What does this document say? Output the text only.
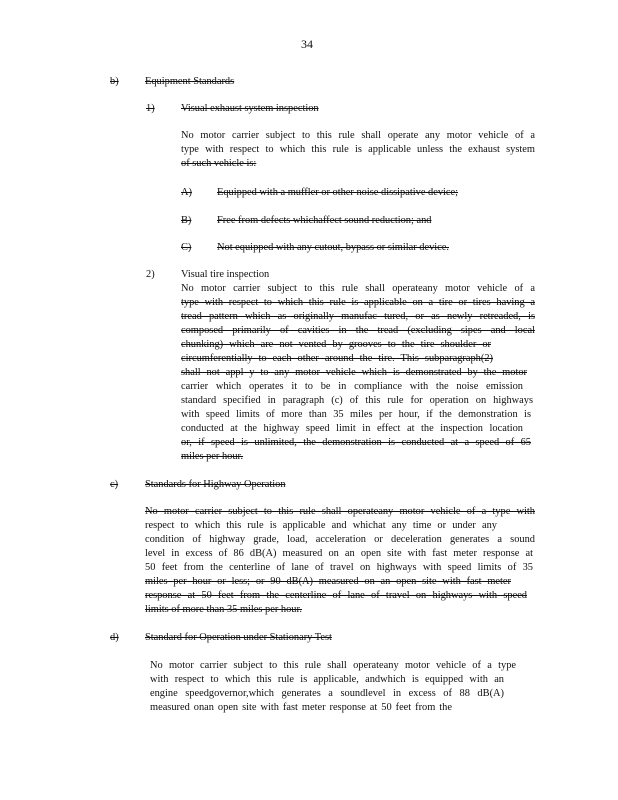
34
b)	Equipment Standards
1)	Visual exhaust system inspection
No motor carrier subject to this rule shall operate any motor vehicle of a
type with respect to which this rule is applicable unless the exhaust system
of such vehicle is:
A) Equipped with a muffler or other noise dissipative device;
B) Free from defects whichaffect sound reduction; and
C) Not equipped with any cutout, bypass or similar device.
2)	Visual tire inspection
No motor carrier subject to this rule shall operateany motor vehicle of a
type with respect to which this rule is applicable on a tire or tires having a
tread pattern which as originally manufac tured, or as newly retreaded, is
composed primarily of cavities in the tread (excluding sipes and local
chunking) which are not vented by grooves to the tire shoulder or
circumferentially to each other around the tire. This subparagraph(2)
shall not appl y to any motor vehicle which is demonstrated by the motor
carrier which operates it to be in compliance with the noise emission
standard specified in paragraph (c) of this rule for operation on highways
with speed limits of more than 35 miles per hour, if the demonstration is
conducted at the highway speed limit in effect at the inspection location
or, if speed is unlimited, the demonstration is conducted at a speed of 65
miles per hour.
c)	Standards for Highway Operation
No motor carrier subject to this rule shall operateany motor vehicle of a type with
respect to which this rule is applicable and whichat any time or under any
condition of highway grade, load, acceleration or deceleration generates a sound
level in excess of 86 dB(A) measured on an open site with fast meter response at
50 feet from the centerline of lane of travel on highways with speed limits of 35
miles per hour or less; or 90 dB(A) measured on an open site with fast meter
response at 50 feet from the centerline of lane of travel on highways with speed
limits of more than 35 miles per hour.
d)	Standard for Operation under Stationary Test
No motor carrier subject to this rule shall operateany motor vehicle of a type
with respect to which this rule is applicable, andwhich is equipped with an
engine speedgovernor,which generates a soundlevel in excess of 88 dB(A)
measured onan open site with fast meter response at 50 feet from the
